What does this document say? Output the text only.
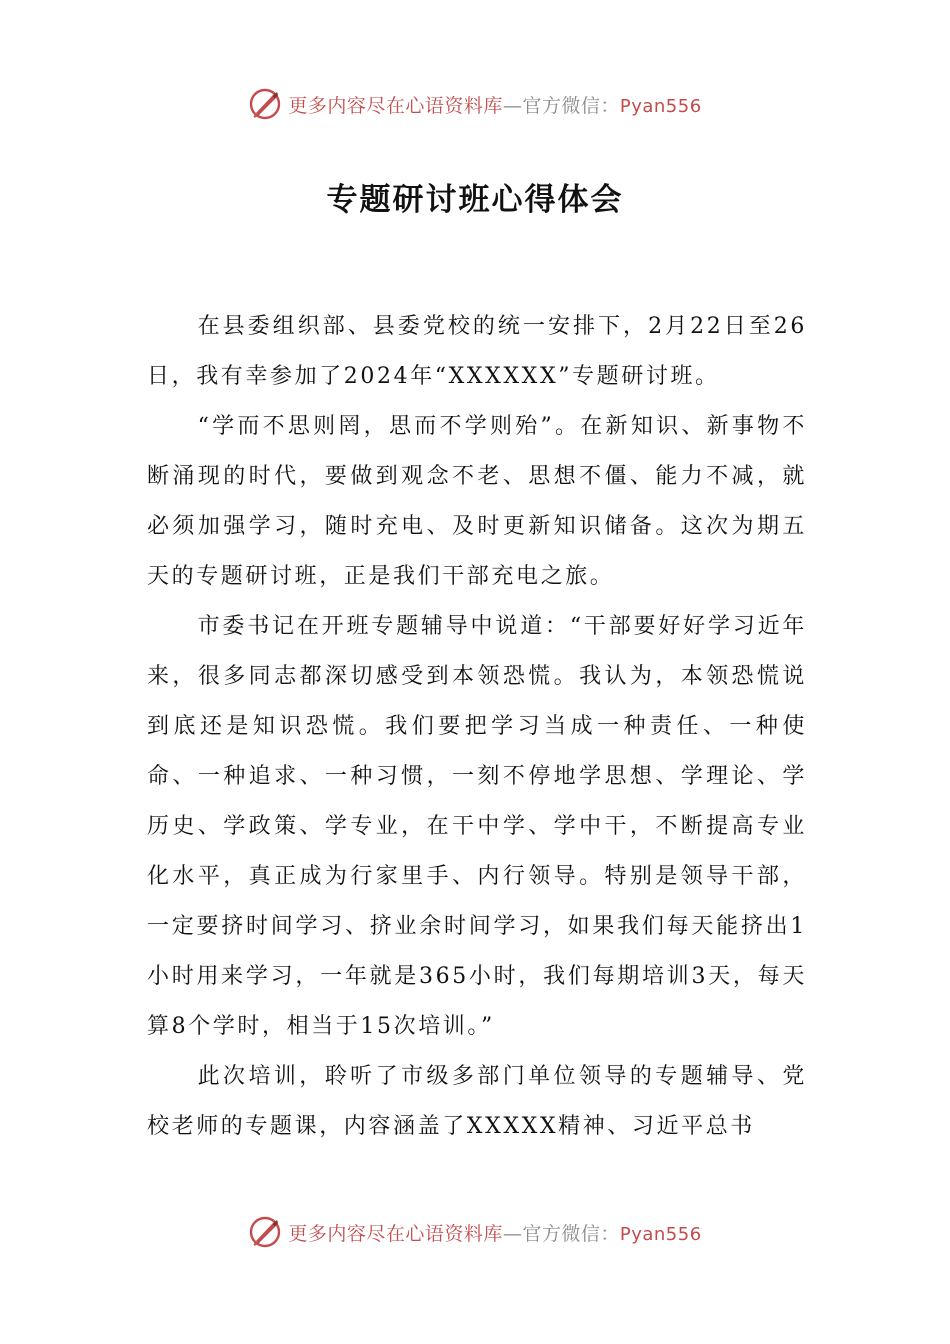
更多内容尽在心语资料库—官方微信：Pyan556
专题研讨班心得体会

在县委组织部、县委党校的统一安排下，2月22日至26日，我有幸参加了2024年“XXXXXX”专题研讨班。

“学而不思则罔，思而不学则殆”。在新知识、新事物不断涌现的时代，要做到观念不老、思想不僵、能力不减，就必须加强学习，随时充电、及时更新知识储备。这次为期五天的专题研讨班，正是我们干部充电之旅。

市委书记在开班专题辅导中说道：“干部要好好学习近年来，很多同志都深切感受到本领恐慌。我认为，本领恐慌说到底还是知识恐慌。我们要把学习当成一种责任、一种使命、一种追求、一种习惯，一刻不停地学思想、学理论、学历史、学政策、学专业，在干中学、学中干，不断提高专业化水平，真正成为行家里手、内行领导。特别是领导干部，一定要挤时间学习、挤业余时间学习，如果我们每天能挤出1小时用来学习，一年就是365小时，我们每期培训3天，每天算8个学时，相当于15次培训。”

此次培训，聆听了市级多部门单位领导的专题辅导、党校老师的专题课，内容涵盖了XXXXX精神、习近平总书

更多内容尽在心语资料库—官方微信：Pyan556
